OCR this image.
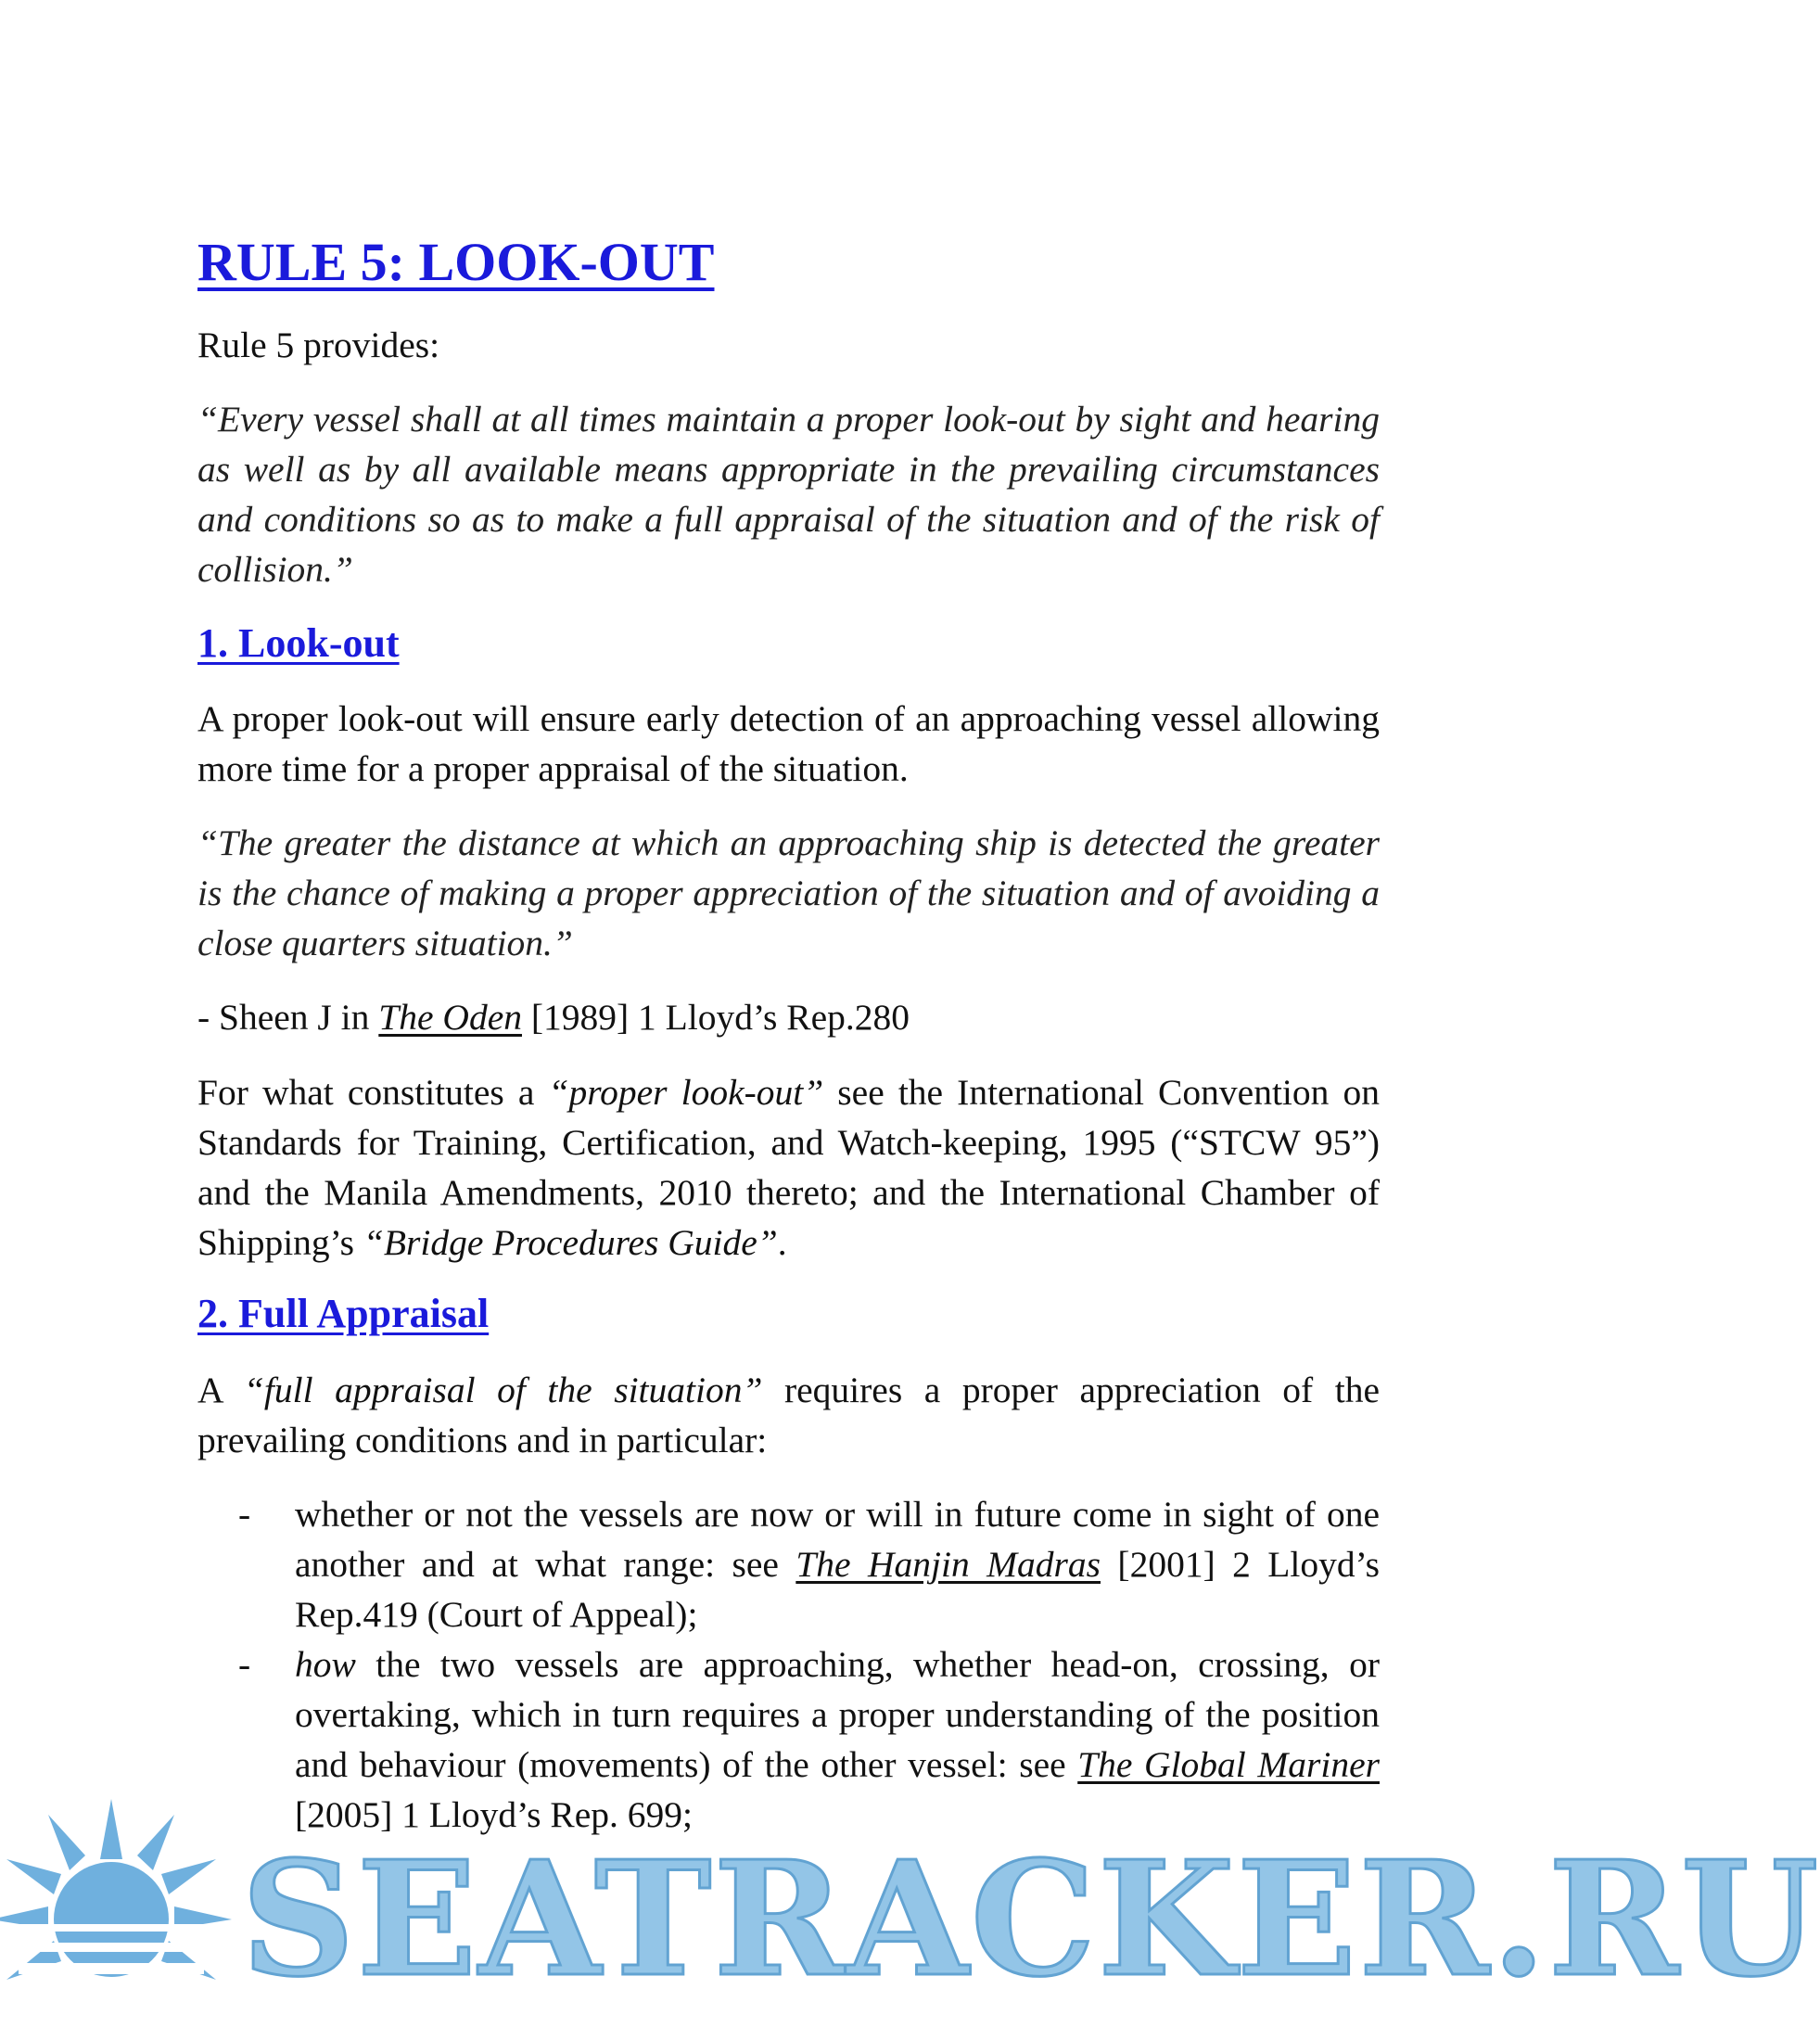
RULE 5: LOOK-OUT

Rule 5 provides:

“Every vessel shall at all times maintain a proper look-out by sight and hearing as well as by all available means appropriate in the prevailing circumstances and conditions so as to make a full appraisal of the situation and of the risk of collision.”

1. Look-out

A proper look-out will ensure early detection of an approaching vessel allowing more time for a proper appraisal of the situation.

“The greater the distance at which an approaching ship is detected the greater is the chance of making a proper appreciation of the situation and of avoiding a close quarters situation.”

- Sheen J in The Oden [1989] 1 Lloyd’s Rep.280

For what constitutes a “proper look-out” see the International Convention on Standards for Training, Certification, and Watch-keeping, 1995 (“STCW 95”) and the Manila Amendments, 2010 thereto; and the International Chamber of Shipping’s “Bridge Procedures Guide”.

2. Full Appraisal

A “full appraisal of the situation” requires a proper appreciation of the prevailing conditions and in particular:

- whether or not the vessels are now or will in future come in sight of one another and at what range: see The Hanjin Madras [2001] 2 Lloyd’s Rep.419 (Court of Appeal);
- how the two vessels are approaching, whether head-on, crossing, or overtaking, which in turn requires a proper understanding of the position and behaviour (movements) of the other vessel: see The Global Mariner [2005] 1 Lloyd’s Rep. 699;
SEATRACKER.RU
